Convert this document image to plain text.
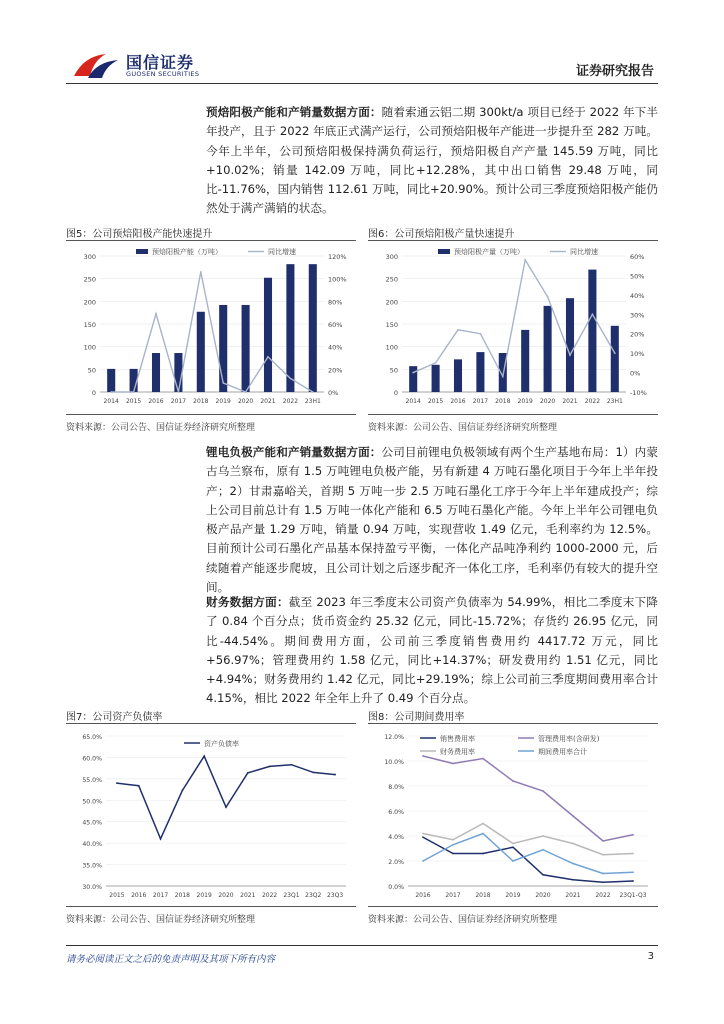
国信证券
GUOSEN SECURITIES	证券研究报告
预焙阳极产能和产销量数据方面：随着索通云铝二期 300kt/a 项目已经于 2022 年下半年投产，且于 2022 年底正式满产运行，公司预焙阳极年产能进一步提升至 282 万吨。今年上半年，公司预焙阳极保持满负荷运行，预焙阳极自产产量 145.59 万吨，同比+10.02%；销量 142.09 万吨，同比+12.28%，其中出口销售 29.48 万吨，同比-11.76%，国内销售 112.61 万吨，同比+20.90%。预计公司三季度预焙阳极产能仍然处于满产满销的状态。
图5：公司预焙阳极产能快速提升
0
50
100
150
200
250
300
0%
20%
40%
60%
80%
100%
120%
2014 2015 2016 2017 2018 2019 2020 2021 2022 23H1
预焙阳极产能（万吨）	同比增速
资料来源：公司公告、国信证券经济研究所整理
图6：公司预焙阳极产量快速提升
0
50
100
150
200
250
300
-10%
0%
10%
20%
30%
40%
50%
60%
2014 2015 2016 2017 2018 2019 2020 2021 2022 23H1
预焙阳极产量（万吨）	同比增速
资料来源：公司公告、国信证券经济研究所整理
锂电负极产能和产销量数据方面：公司目前锂电负极领域有两个生产基地布局：1）内蒙古乌兰察布，原有 1.5 万吨锂电负极产能，另有新建 4 万吨石墨化项目于今年上半年投产；2）甘肃嘉峪关，首期 5 万吨一步 2.5 万吨石墨化工序于今年上半年建成投产；综上公司目前总计有 1.5 万吨一体化产能和 6.5 万吨石墨化产能。今年上半年公司锂电负极产品产量 1.29 万吨，销量 0.94 万吨，实现营收 1.49 亿元，毛利率约为 12.5%。目前预计公司石墨化产品基本保持盈亏平衡，一体化产品吨净利约 1000-2000 元，后续随着产能逐步爬坡，且公司计划之后逐步配齐一体化工序，毛利率仍有较大的提升空间。
财务数据方面：截至 2023 年三季度末公司资产负债率为 54.99%，相比二季度末下降了 0.84 个百分点；货币资金约 25.32 亿元，同比-15.72%；存货约 26.95 亿元，同比-44.54%。期间费用方面，公司前三季度销售费用约 4417.72 万元，同比+56.97%；管理费用约 1.58 亿元，同比+14.37%；研发费用约 1.51 亿元，同比+4.94%；财务费用约 1.42 亿元，同比+29.19%；综上公司前三季度期间费用率合计 4.15%，相比 2022 年全年上升了 0.49 个百分点。
图7：公司资产负债率
30.0%
35.0%
40.0%
45.0%
50.0%
55.0%
60.0%
65.0%
2015 2016 2017 2018 2019 2020 2021 2022 23Q1 23Q2 23Q3
资产负债率
资料来源：公司公告、国信证券经济研究所整理
图8：公司期间费用率
0.0%
2.0%
4.0%
6.0%
8.0%
10.0%
12.0%
2016 2017 2018 2019 2020 2021 2022 23Q1-Q3
销售费用率	管理费用率(含研发)
财务费用率	期间费用率合计
资料来源：公司公告、国信证券经济研究所整理
请务必阅读正文之后的免责声明及其项下所有内容	3
